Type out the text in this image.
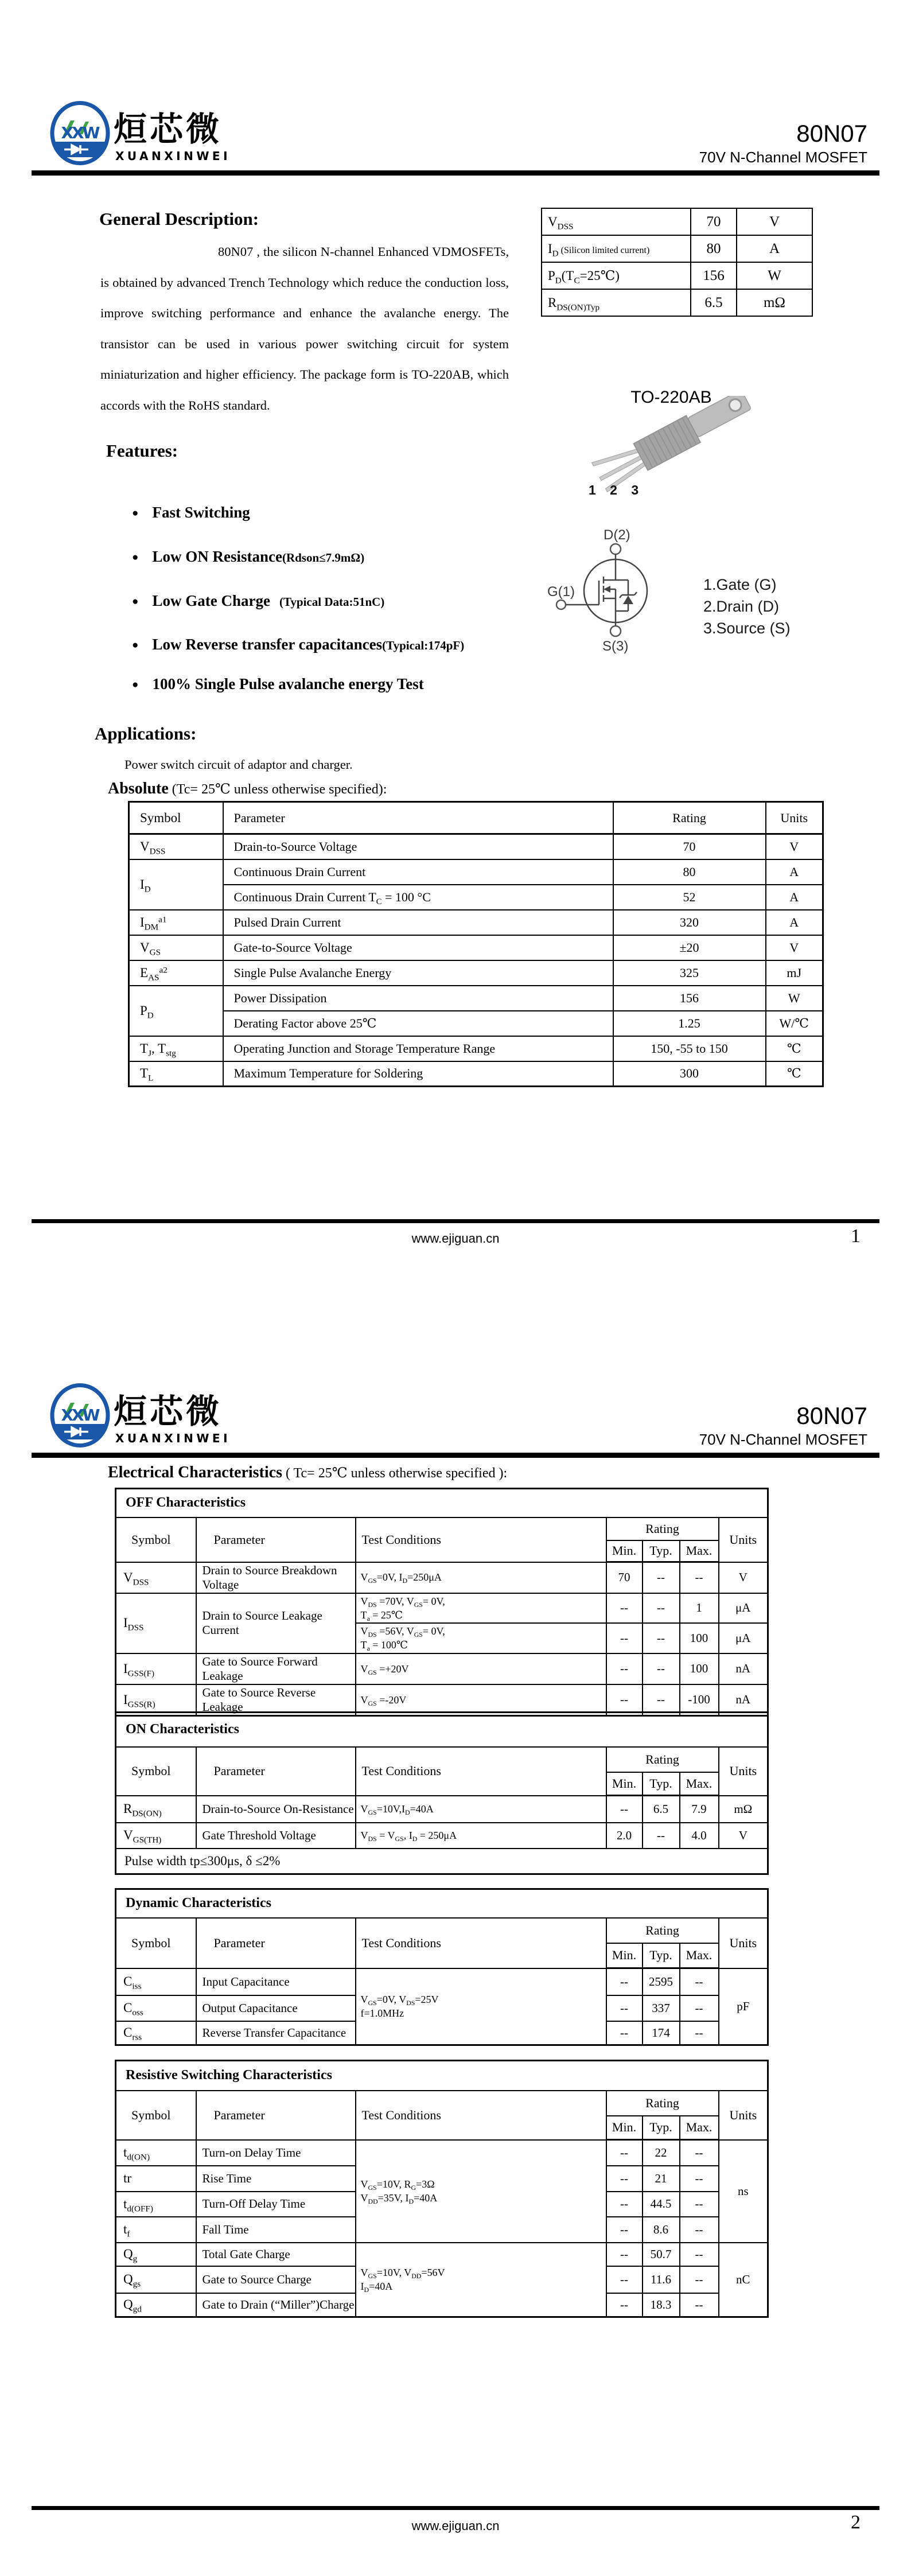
XXW 烜芯微
XUANXINWEI
80N07
70V N-Channel MOSFET
$V_{DSS}$	70	V
$I_D$ (Silicon limited current)	80	A
$P_D(T_C=25℃)$	156	W
$R_{DS(ON)Typ}$	6.5	mΩ
General Description:
80N07 , the silicon N-channel Enhanced VDMOSFETs, is obtained by advanced Trench Technology which reduce the conduction loss, improve switching performance and enhance the avalanche energy. The transistor can be used in various power switching circuit for system miniaturization and higher efficiency. The package form is TO-220AB, which accords with the RoHS standard.
Features:
● Fast Switching
● Low ON Resistance(Rdson≤7.9mΩ)
● Low Gate Charge (Typical Data:51nC)
● Low Reverse transfer capacitances(Typical:174pF)
● 100% Single Pulse avalanche energy Test
TO-220AB
1 2 3
D(2)
G(1)
S(3)
1.Gate (G)
2.Drain (D)
3.Source (S)
Applications:
Power switch circuit of adaptor and charger.
Absolute (Tc= 25℃ unless otherwise specified):
Symbol	Parameter	Rating	Units
$V_{DSS}$	Drain-to-Source Voltage	70	V
$I_D$	Continuous Drain Current	80	A
	Continuous Drain Current $T_C = 100$ °C	52	A
$I_{DM}^{a1}$	Pulsed Drain Current	320	A
$V_{GS}$	Gate-to-Source Voltage	±20	V
$E_{AS}^{a2}$	Single Pulse Avalanche Energy	325	mJ
$P_D$	Power Dissipation	156	W
	Derating Factor above 25℃	1.25	W/℃
$T_J$, $T_{stg}$	Operating Junction and Storage Temperature Range	150, -55 to 150	℃
$T_L$	Maximum Temperature for Soldering	300	℃
www.ejiguan.cn	1
XXW 烜芯微
XUANXINWEI
80N07
70V N-Channel MOSFET
Electrical Characteristics ( Tc= 25℃ unless otherwise specified ):
OFF Characteristics						
Symbol	Parameter	Test Conditions	Rating			Units
			Min.	Typ.	Max.	
$V_{DSS}$	Drain to Source Breakdown Voltage	$V_{GS}=0V$, $I_D=250\mu A$	70	--	--	V
$I_{DSS}$	Drain to Source Leakage Current	$V_{DS} =70V$, $V_{GS}= 0V$,
$T_a$ = 25℃	--	--	1	μA
		$V_{DS} =56V$, $V_{GS}= 0V$,
$T_a$ = 100℃	--	--	100	μA
$I_{GSS(F)}$	Gate to Source Forward Leakage	$V_{GS} =+20V$	--	--	100	nA
$I_{GSS(R)}$	Gate to Source Reverse Leakage	$V_{GS} =-20V$	--	--	-100	nA
ON Characteristics						
Symbol	Parameter	Test Conditions	Rating			Units
			Min.	Typ.	Max.	
$R_{DS(ON)}$	Drain-to-Source On-Resistance	$V_{GS}=10V,I_D=40A$	--	6.5	7.9	mΩ
$V_{GS(TH)}$	Gate Threshold Voltage	$V_{DS} = V_{GS}$, $I_D = 250\mu A$	2.0	--	4.0	V
Pulse width tp≤300μs, δ ≤2%						
Dynamic Characteristics						
Symbol	Parameter	Test Conditions	Rating			Units
			Min.	Typ.	Max.	
$C_{iss}$	Input Capacitance	$V_{GS}=0V$, $V_{DS}=25V$
f=1.0MHz	--	2595	--	pF
$C_{oss}$	Output Capacitance		--	337	--	
$C_{rss}$	Reverse Transfer Capacitance		--	174	--	
Resistive Switching Characteristics						
Symbol	Parameter	Test Conditions	Rating			Units
			Min.	Typ.	Max.	
$t_{d(ON)}$	Turn-on Delay Time	$V_{GS}=10V$, $R_G=3\Omega$
$V_{DD}=35V$, $I_D=40A$	--	22	--	ns
tr	Rise Time		--	21	--	
$t_{d(OFF)}$	Turn-Off Delay Time		--	44.5	--	
$t_f$	Fall Time		--	8.6	--	
$Q_g$	Total Gate Charge	$V_{GS}=10V$, $V_{DD}=56V$
$I_D=40A$	--	50.7	--	nC
$Q_{gs}$	Gate to Source Charge		--	11.6	--	
$Q_{gd}$	Gate to Drain (“Miller”)Charge		--	18.3	--	
www.ejiguan.cn	2
